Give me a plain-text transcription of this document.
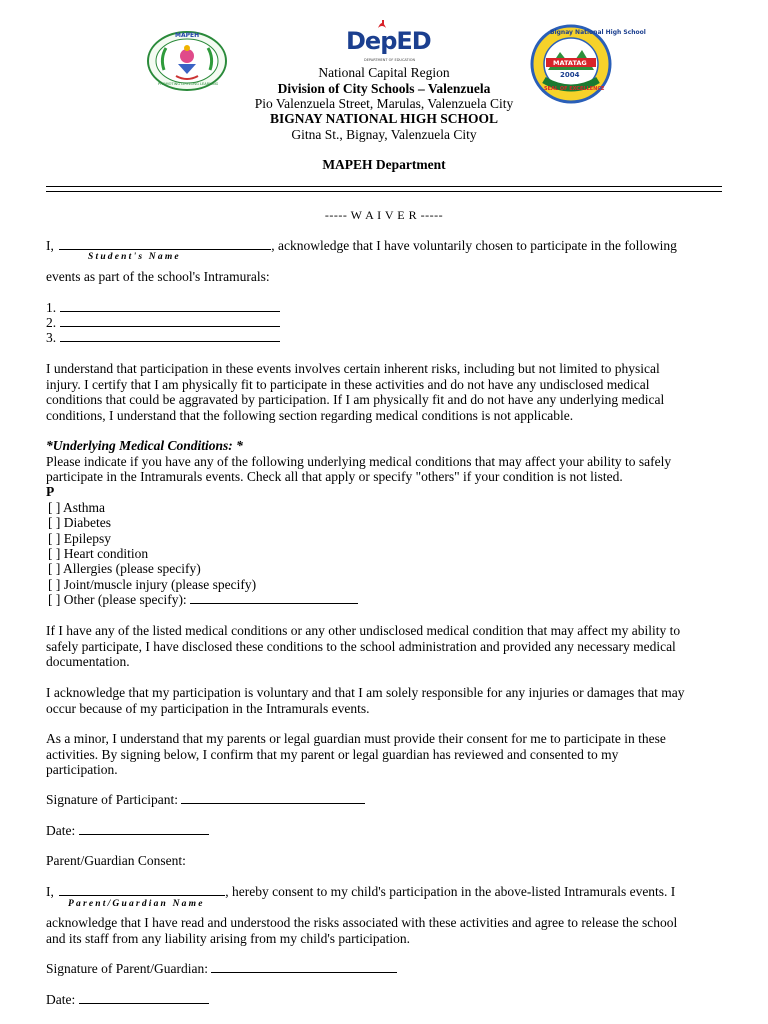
MAPEH
PROMOTING LIFELONG LEARNING
DepED
DEPARTMENT OF EDUCATION
Bignay National High School
MATATAG
2004
SEAL OF EXCELLENCE
National Capital Region
Division of City Schools – Valenzuela
Pio Valenzuela Street, Marulas, Valenzuela City
BIGNAY NATIONAL HIGH SCHOOL
Gitna St., Bignay, Valenzuela City
MAPEH Department
----- W A I V E R -----
I,	, acknowledge that I have voluntarily chosen to participate in the following
Student's Name
events as part of the school's Intramurals:
1.
2.
3.
I understand that participation in these events involves certain inherent risks, including but not limited to physical
injury. I certify that I am physically fit to participate in these activities and do not have any undisclosed medical
conditions that could be aggravated by participation. If I am physically fit and do not have any underlying medical
conditions, I understand that the following section regarding medical conditions is not applicable.
*Underlying Medical Conditions: *
Please indicate if you have any of the following underlying medical conditions that may affect your ability to safely
participate in the Intramurals events. Check all that apply or specify "others" if your condition is not listed.
P
[ ] Asthma
[ ] Diabetes
[ ] Epilepsy
[ ] Heart condition
[ ] Allergies (please specify)
[ ] Joint/muscle injury (please specify)
[ ] Other (please specify):
If I have any of the listed medical conditions or any other undisclosed medical condition that may affect my ability to
safely participate, I have disclosed these conditions to the school administration and provided any necessary medical
documentation.
I acknowledge that my participation is voluntary and that I am solely responsible for any injuries or damages that may
occur because of my participation in the Intramurals events.
As a minor, I understand that my parents or legal guardian must provide their consent for me to participate in these
activities. By signing below, I confirm that my parent or legal guardian has reviewed and consented to my
participation.
Signature of Participant:
Date:
Parent/Guardian Consent:
I,	, hereby consent to my child's participation in the above-listed Intramurals events. I
Parent/Guardian Name
acknowledge that I have read and understood the risks associated with these activities and agree to release the school
and its staff from any liability arising from my child's participation.
Signature of Parent/Guardian:
Date:
